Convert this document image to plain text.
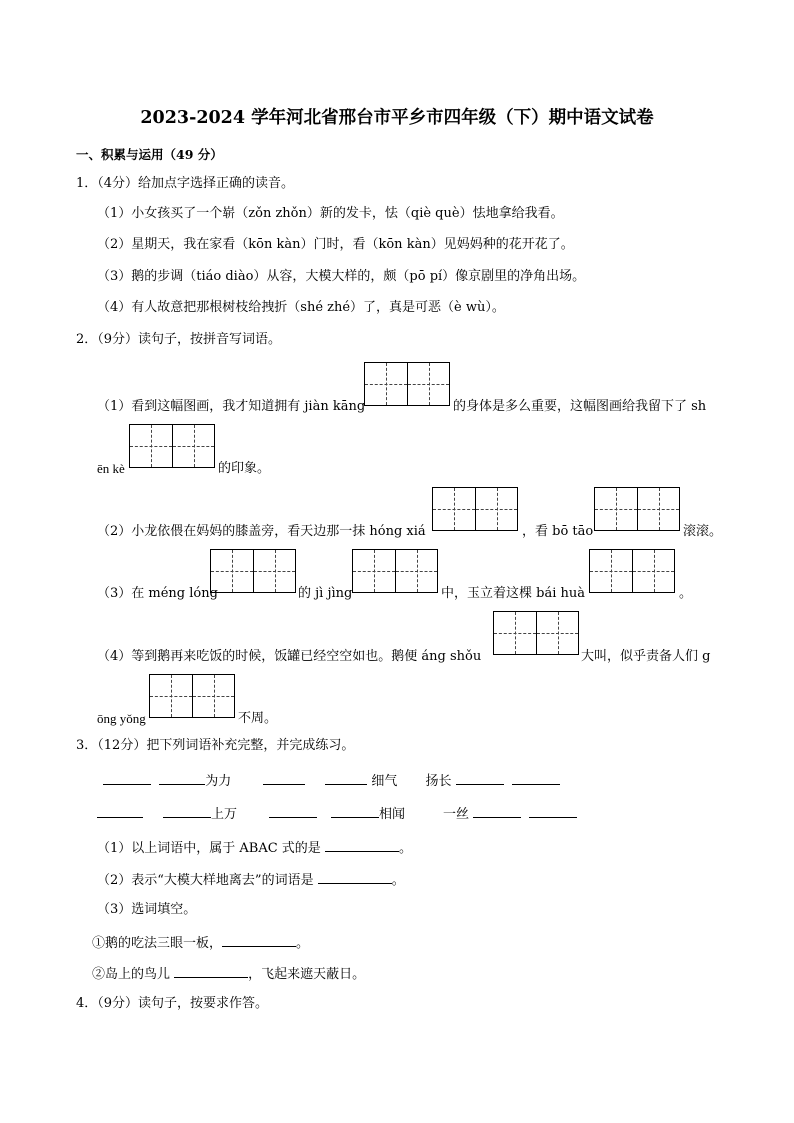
2023-2024 学年河北省邢台市平乡市四年级（下）期中语文试卷
一、积累与运用（49 分）
1．（4分）给加点字选择正确的读音。
（1）小女孩买了一个崭（zǒn zhǒn）新的发卡，怯（qiè què）怯地拿给我看。
（2）星期天，我在家看（kōn kàn）门时，看（kōn kàn）见妈妈种的花开花了。
（3）鹅的步调（tiáo diào）从容，大模大样的，颇（pō pí）像京剧里的净角出场。
（4）有人故意把那根树枝给拽折（shé zhé）了，真是可恶（è wù）。
2．（9分）读句子，按拼音写词语。
（1）看到这幅图画，我才知道拥有 jiàn kāng	的身体是多么重要，这幅图画给我留下了 sh
ēn kè	的印象。
（2）小龙依偎在妈妈的膝盖旁，看天边那一抹 hóng xiá	，看 bō tāo	滚滚。
（3）在 méng lóng	的 jì jìng	中，玉立着这棵 bái huà	。
（4）等到鹅再来吃饭的时候，饭罐已经空空如也。鹅便 áng shǒu	大叫，似乎责备人们 g
ōng yǒng	不周。
3．（12分）把下列词语补充完整，并完成练习。
为力	细气 扬长
上万	相闻	一丝
（1）以上词语中，属于 ABAC 式的是	。
（2）表示“大模大样地离去”的词语是	。
（3）选词填空。
①鹅的吃法三眼一板，	。
②岛上的鸟儿	，飞起来遮天蔽日。
4．（9分）读句子，按要求作答。
